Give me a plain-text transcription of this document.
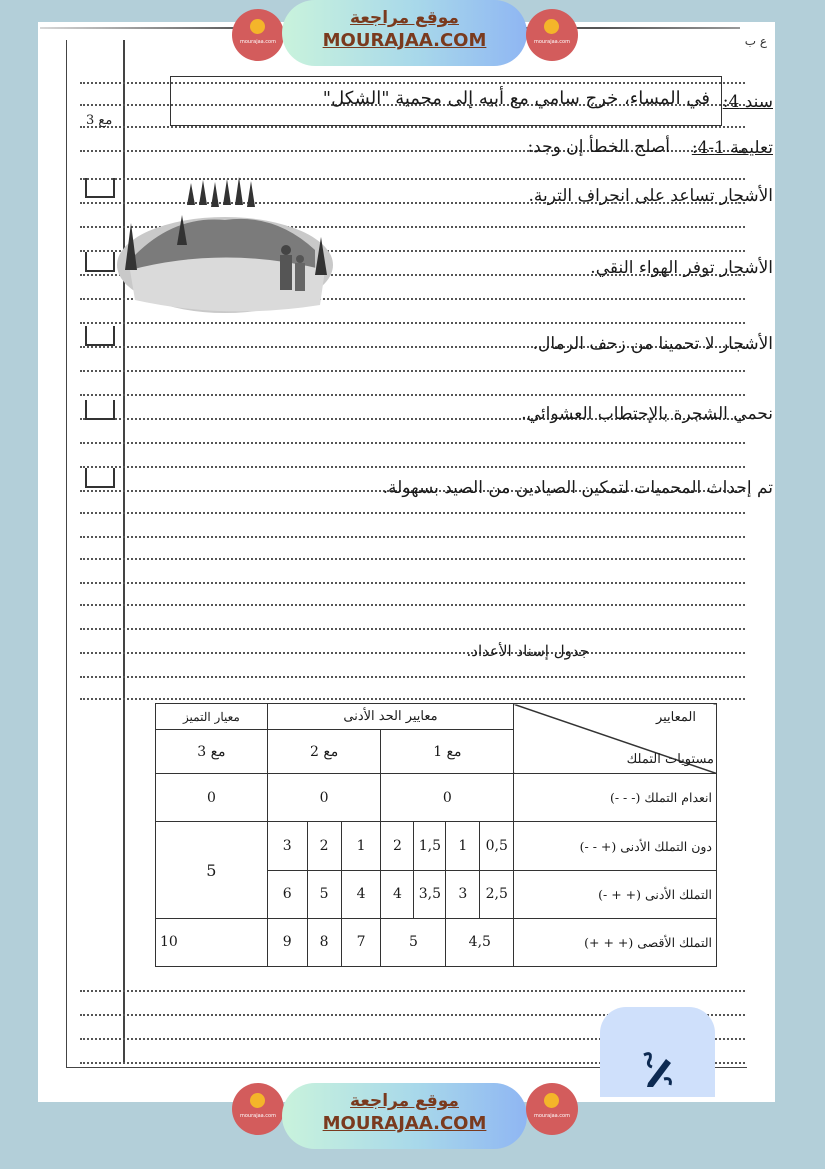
ع ب
3 مع
سند 4:
في المساء، خرج سامي مع أبيه إلى محمية "الشكل"
تعليمة 1-4:
أصلح الخطأ إن وجد:
الأشجار تساعد على انجراف التربة.
الأشجار توفر الهواء النقي.
الأشجار لا تحمينا من زحف الرمال.
نحمي الشجرة بالإحتطاب العشوائي.
تم إحداث المحميات لتمكين الصيادين من الصيد بسهولة.
جدول إسناد الأعداد.
المعايير
مستويات التملك	معايير الحد الأدنى							معيار التميز
	مع 1				مع 2			مع 3
انعدام التملك (- - -)	0				0			0
دون التملك الأدنى (+ - -)	0,5	1	1,5	2	1	2	3	5
التملك الأدنى (+ + -)	2,5	3	3,5	4	4	5	6	
التملك الأقصى (+ + +)	4,5		5		7	8	9	10
mourajaa.com
موقع مراجعة
MOURAJAA.COM	mourajaa.com
mourajaa.com
موقع مراجعة
MOURAJAA.COM	mourajaa.com
